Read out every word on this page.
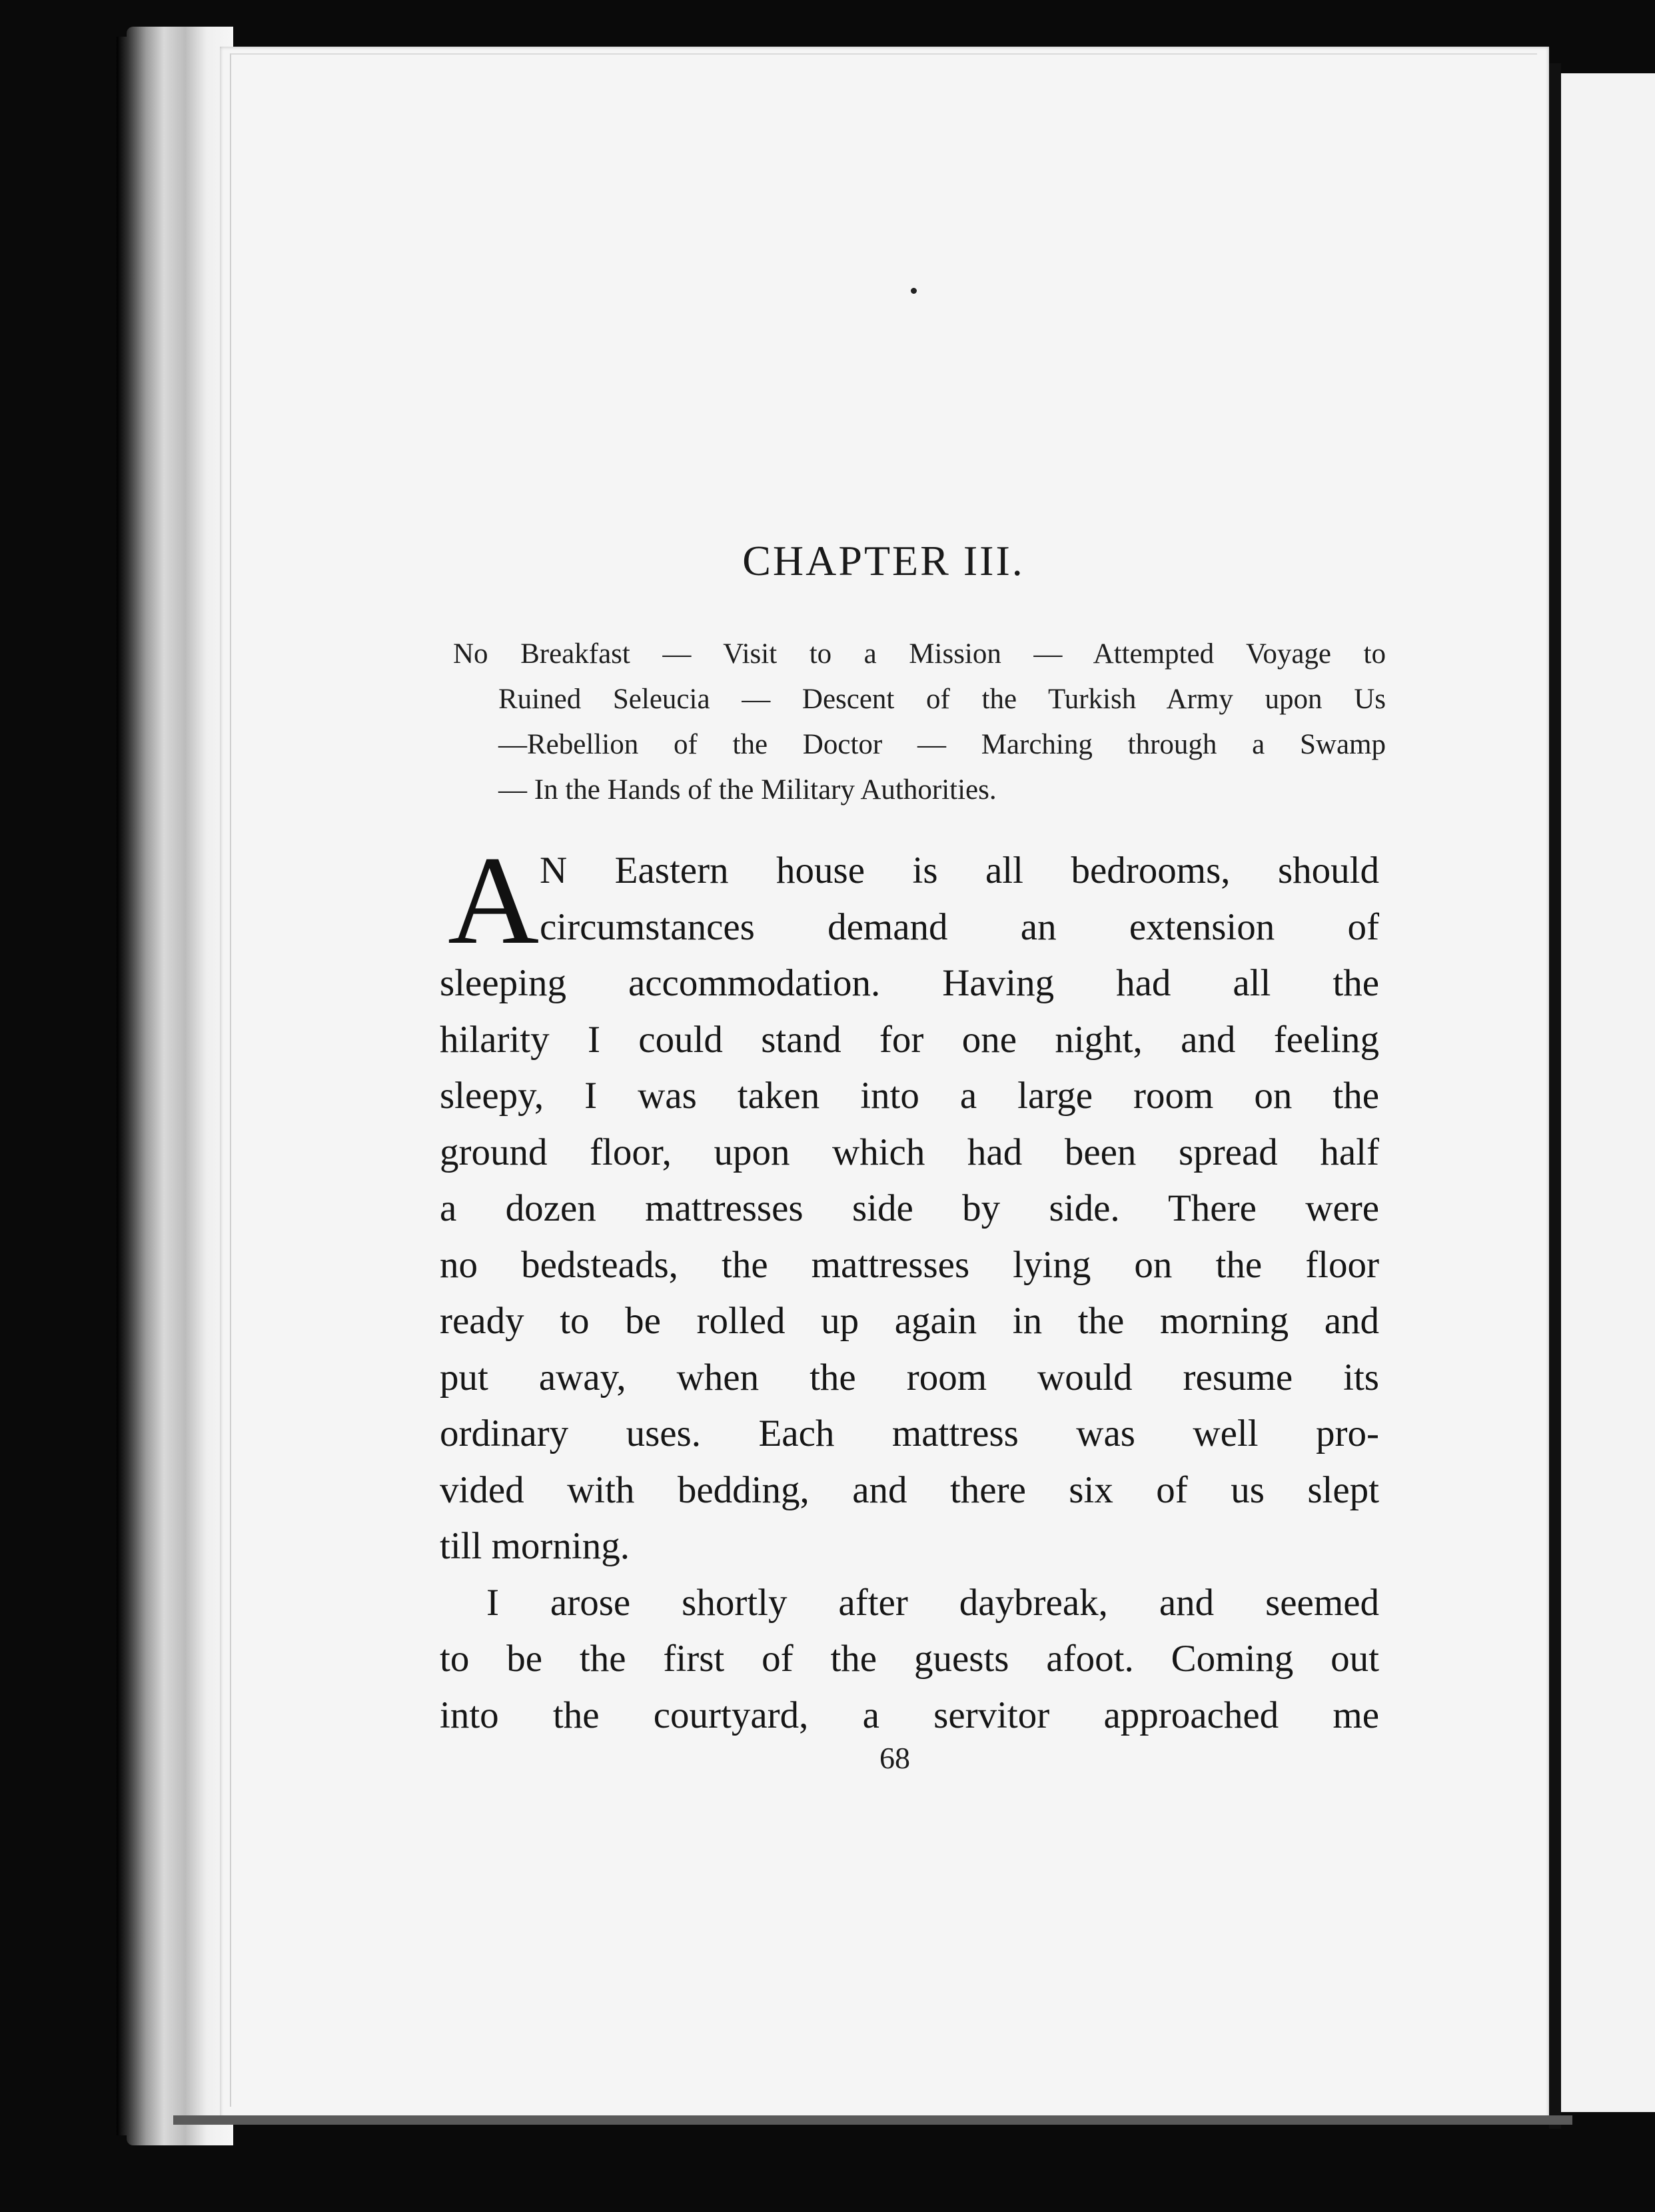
CHAPTER III.
No Breakfast — Visit to a Mission — Attempted Voyage to
Ruined Seleucia — Descent of the Turkish Army upon Us
—Rebellion of the Doctor — Marching through a Swamp
— In the Hands of the Military Authorities.
A N Eastern house is all bedrooms, should
circumstances demand an extension of
sleeping accommodation. Having had all the
hilarity I could stand for one night, and feeling
sleepy, I was taken into a large room on the
ground floor, upon which had been spread half
a dozen mattresses side by side. There were
no bedsteads, the mattresses lying on the floor
ready to be rolled up again in the morning and
put away, when the room would resume its
ordinary uses. Each mattress was well pro-
vided with bedding, and there six of us slept
till morning.
I arose shortly after daybreak, and seemed
to be the first of the guests afoot. Coming out
into the courtyard, a servitor approached me
68
